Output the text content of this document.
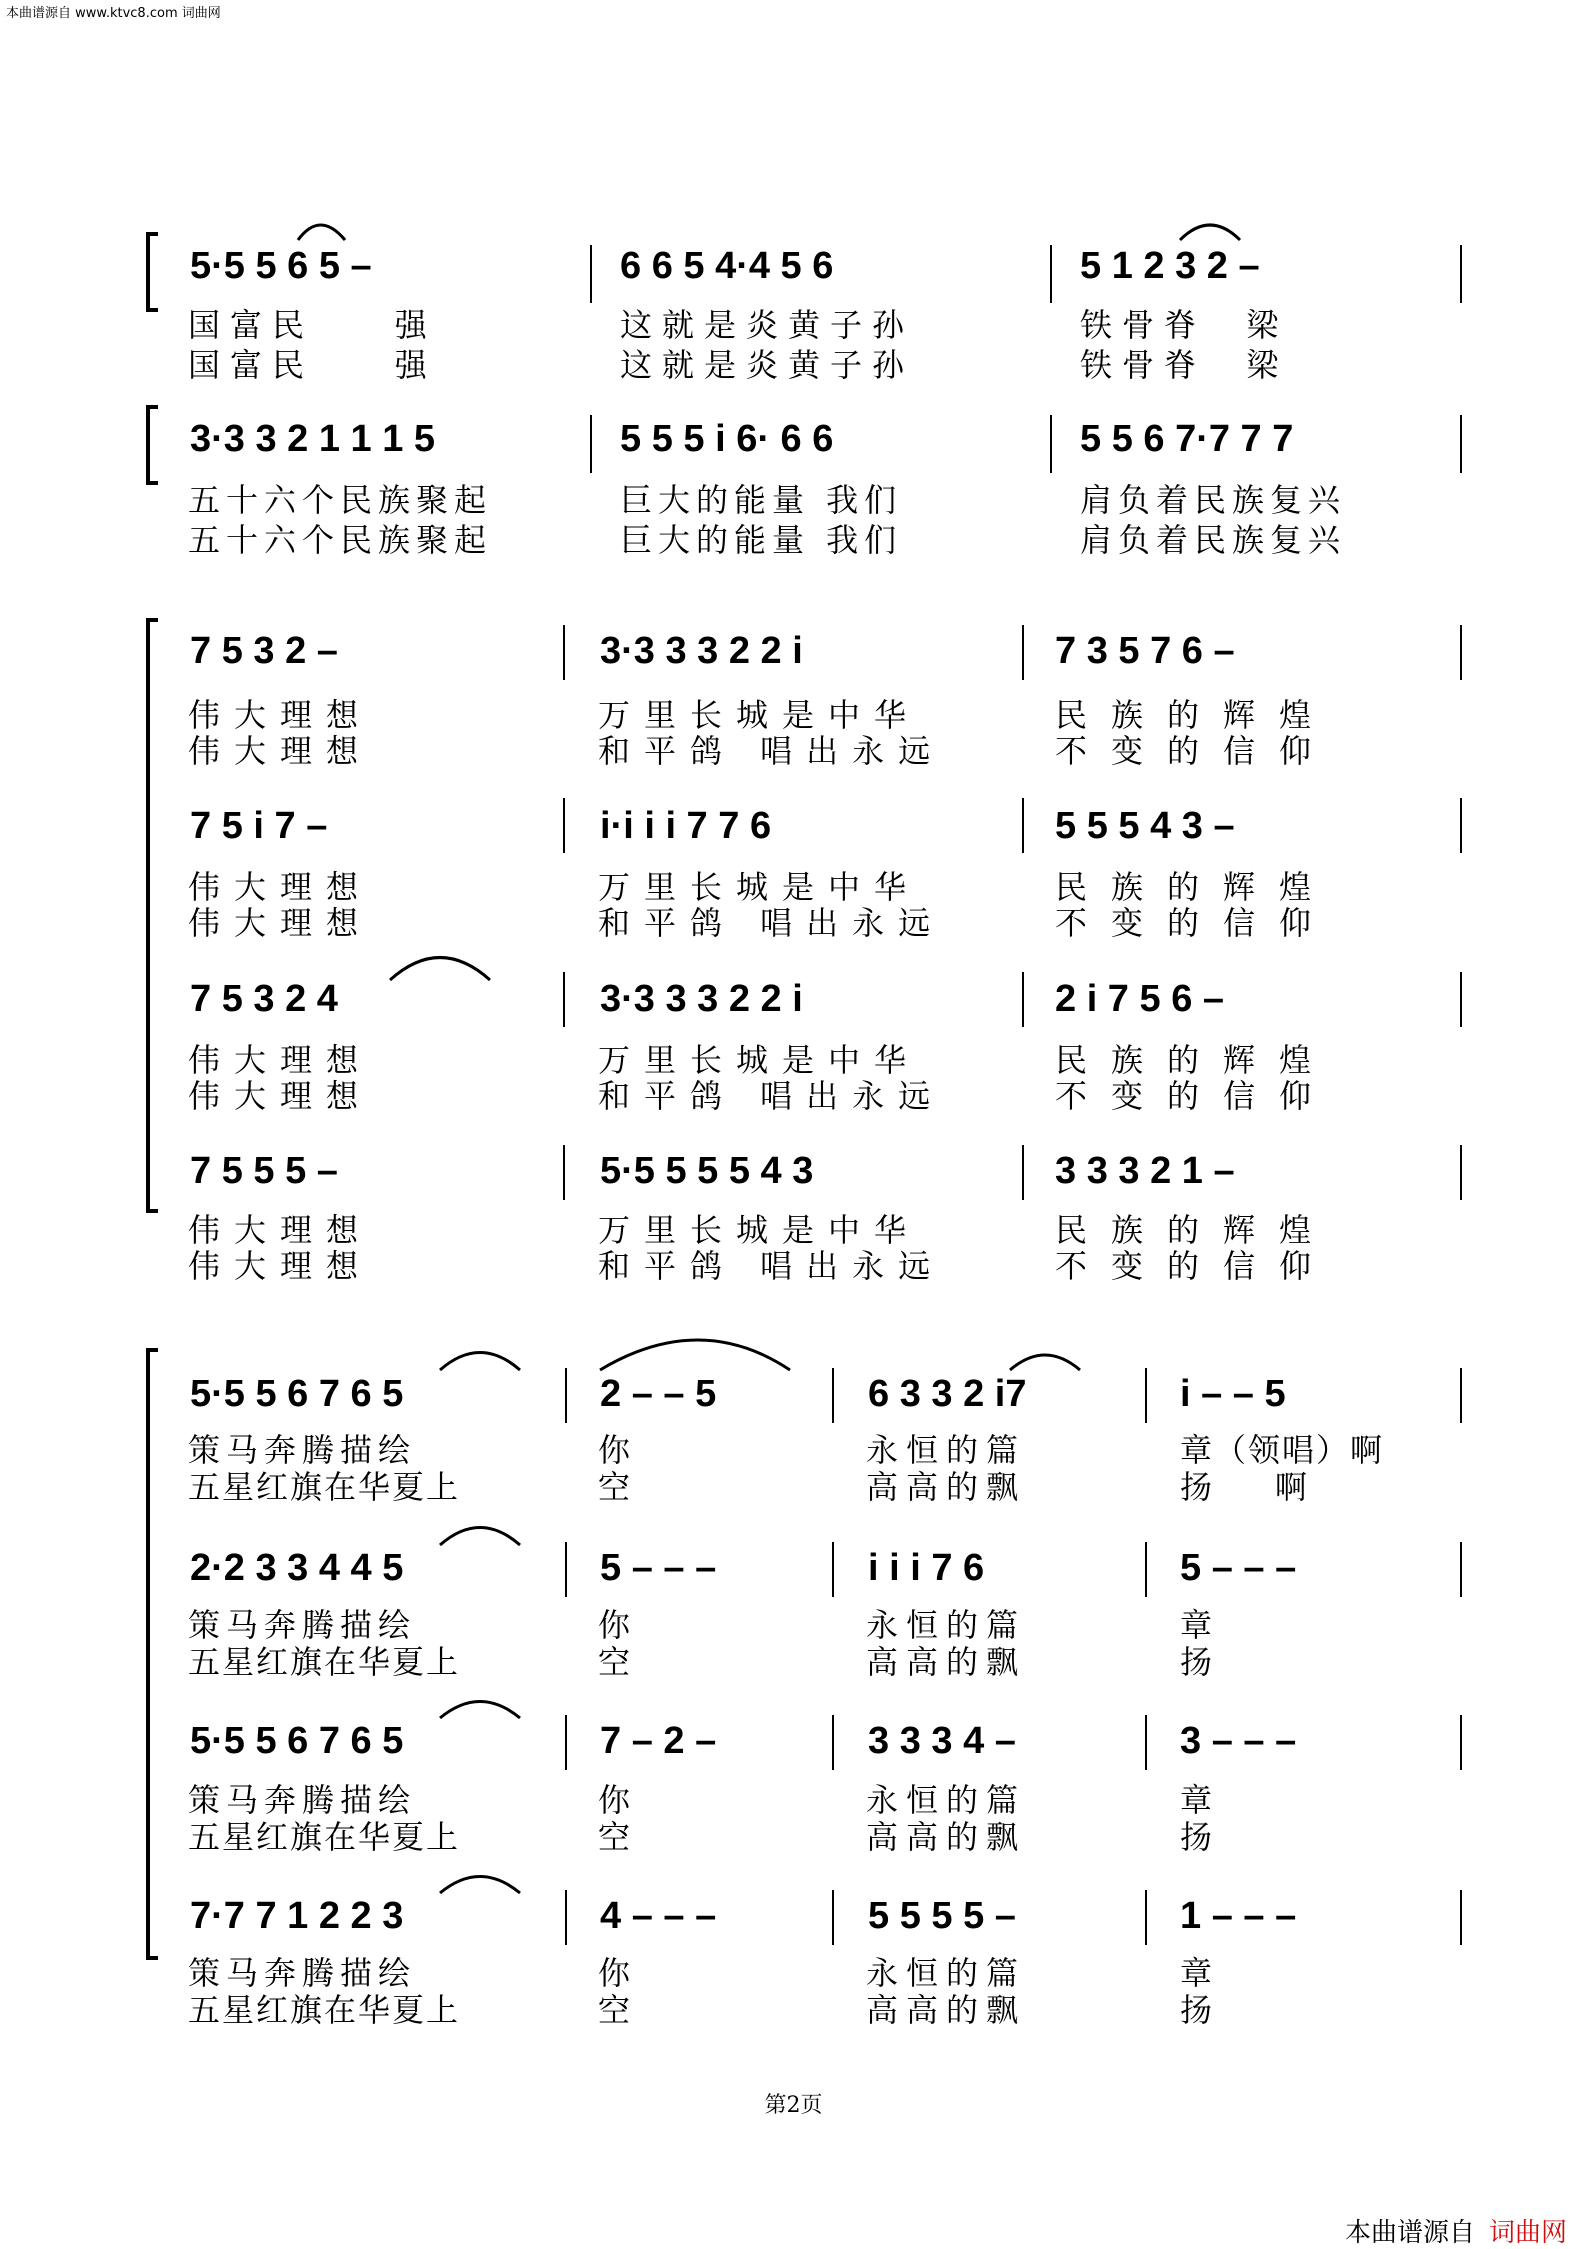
本曲谱源自 www.ktvc8.com 词曲网
5·5 5 6 5 –	6 6 5 4·4 5 6	5 1 2 3 2 –
国富民    强	这就是炎黄子孙	铁骨脊  梁
国富民    强	这就是炎黄子孙	铁骨脊  梁
3·3 3 2 1 1 1 5	5 5 5 i 6· 6 6	5 5 6 7·7 7 7
五十六个民族聚起	巨大的能量 我们	肩负着民族复兴
五十六个民族聚起	巨大的能量 我们	肩负着民族复兴
7 5 3 2 –	3·3 3 3 2 2 i	7 3 5 7 6 –
伟大理想	万里长城是中华	民族的辉煌
伟大理想	和平鸽 唱出永远	不变的信仰
7 5 i 7 –	i·i i i 7 7 6	5 5 5 4 3 –
伟大理想	万里长城是中华	民族的辉煌
伟大理想	和平鸽 唱出永远	不变的信仰
7 5 3 2 4	3·3 3 3 2 2 i	2 i 7 5 6 –
伟大理想	万里长城是中华	民族的辉煌
伟大理想	和平鸽 唱出永远	不变的信仰
7 5 5 5 –	5·5 5 5 5 4 3	3 3 3 2 1 –
伟大理想	万里长城是中华	民族的辉煌
伟大理想	和平鸽 唱出永远	不变的信仰
5·5 5 6 7 6 5	2 – – 5	6 3 3 2 i7	i – – 5
策马奔腾描绘	你	永恒的篇	章（领唱）啊
五星红旗在华夏上	空	高高的飘	扬     啊
2·2 3 3 4 4 5	5 – – –	i i i 7 6	5 – – –
策马奔腾描绘	你	永恒的篇	章
五星红旗在华夏上	空	高高的飘	扬
5·5 5 6 7 6 5	7 – 2 –	3 3 3 4 –	3 – – –
策马奔腾描绘	你	永恒的篇	章
五星红旗在华夏上	空	高高的飘	扬
7·7 7 1 2 2 3	4 – – –	5 5 5 5 –	1 – – –
策马奔腾描绘	你	永恒的篇	章
五星红旗在华夏上	空	高高的飘	扬
第2页
本曲谱源自 词曲网
